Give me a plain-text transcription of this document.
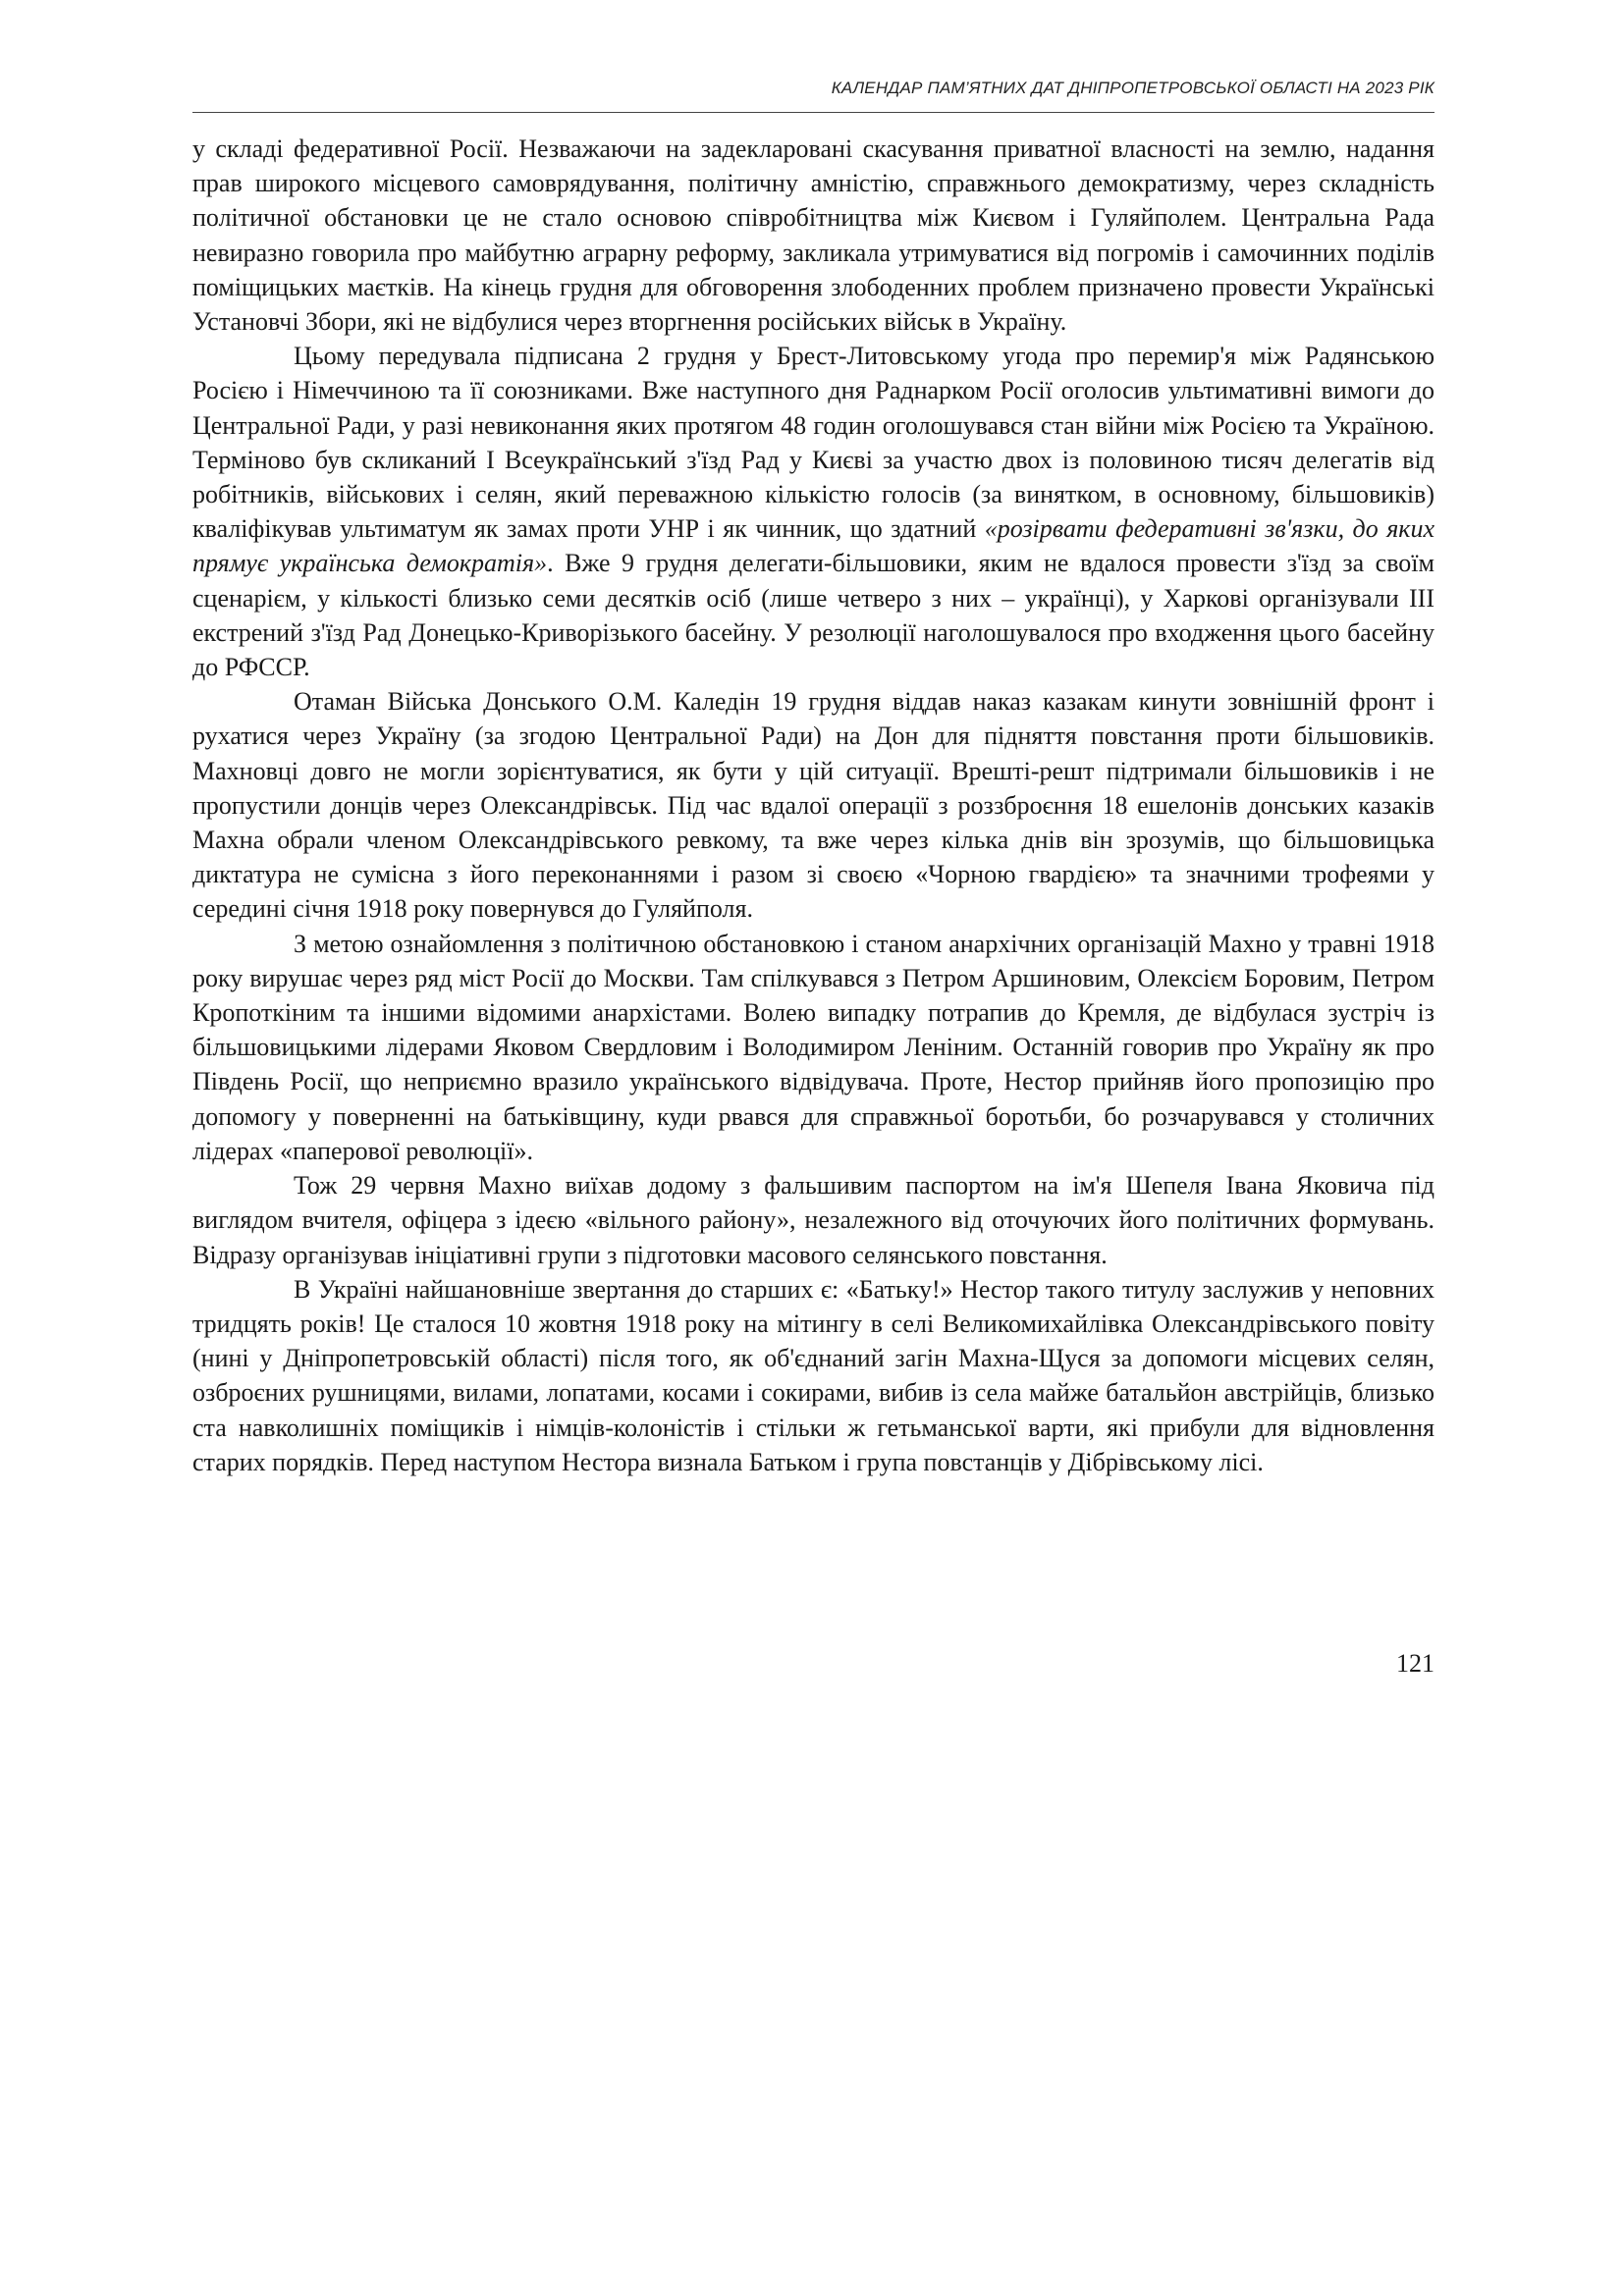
КАЛЕНДАР ПАМ’ЯТНИХ ДАТ ДНІПРОПЕТРОВСЬКОЇ ОБЛАСТІ НА 2023 РІК

у складі федеративної Росії. Незважаючи на задекларовані скасування приватної власності на землю, надання прав широкого місцевого самоврядування, політичну амністію, справжнього демократизму, через складність політичної обстановки це не стало основою співробітництва між Києвом і Гуляйполем. Центральна Рада невиразно говорила про майбутню аграрну реформу, закликала утримуватися від погромів і самочинних поділів поміщицьких маєтків. На кінець грудня для обговорення злободенних проблем призначено провести Українські Установчі Збори, які не відбулися через вторгнення російських військ в Україну.

Цьому передувала підписана 2 грудня у Брест-Литовському угода про перемир'я між Радянською Росією і Німеччиною та її союзниками. Вже наступного дня Раднарком Росії оголосив ультимативні вимоги до Центральної Ради, у разі невиконання яких протягом 48 годин оголошувався стан війни між Росією та Україною. Терміново був скликаний І Всеукраїнський з'їзд Рад у Києві за участю двох із половиною тисяч делегатів від робітників, військових і селян, який переважною кількістю голосів (за винятком, в основному, більшовиків) кваліфікував ультиматум як замах проти УНР і як чинник, що здатний «розірвати федеративні зв'язки, до яких прямує українська демократія». Вже 9 грудня делегати-більшовики, яким не вдалося провести з'їзд за своїм сценарієм, у кількості близько семи десятків осіб (лише четверо з них – українці), у Харкові організували ІІІ екстрений з'їзд Рад Донецько-Криворізького басейну. У резолюції наголошувалося про входження цього басейну до РФССР.

Отаман Війська Донського О.М. Каледін 19 грудня віддав наказ казакам кинути зовнішній фронт і рухатися через Україну (за згодою Центральної Ради) на Дон для підняття повстання проти більшовиків. Махновці довго не могли зорієнтуватися, як бути у цій ситуації. Врешті-решт підтримали більшовиків і не пропустили донців через Олександрівськ. Під час вдалої операції з роззброєння 18 ешелонів донських казаків Махна обрали членом Олександрівського ревкому, та вже через кілька днів він зрозумів, що більшовицька диктатура не сумісна з його переконаннями і разом зі своєю «Чорною гвардією» та значними трофеями у середині січня 1918 року повернувся до Гуляйполя.

З метою ознайомлення з політичною обстановкою і станом анархічних організацій Махно у травні 1918 року вирушає через ряд міст Росії до Москви. Там спілкувався з Петром Аршиновим, Олексієм Боровим, Петром Кропоткіним та іншими відомими анархістами. Волею випадку потрапив до Кремля, де відбулася зустріч із більшовицькими лідерами Яковом Свердловим і Володимиром Леніним. Останній говорив про Україну як про Південь Росії, що неприємно вразило українського відвідувача. Проте, Нестор прийняв його пропозицію про допомогу у поверненні на батьківщину, куди рвався для справжньої боротьби, бо розчарувався у столичних лідерах «паперової революції».

Тож 29 червня Махно виїхав додому з фальшивим паспортом на ім'я Шепеля Івана Яковича під виглядом вчителя, офіцера з ідеєю «вільного району», незалежного від оточуючих його політичних формувань. Відразу організував ініціативні групи з підготовки масового селянського повстання.

В Україні найшановніше звертання до старших є: «Батьку!» Нестор такого титулу заслужив у неповних тридцять років! Це сталося 10 жовтня 1918 року на мітингу в селі Великомихайлівка Олександрівського повіту (нині у Дніпропетровській області) після того, як об'єднаний загін Махна-Щуся за допомоги місцевих селян, озброєних рушницями, вилами, лопатами, косами і сокирами, вибив із села майже батальйон австрійців, близько ста навколишніх поміщиків і німців-колоністів і стільки ж гетьманської варти, які прибули для відновлення старих порядків. Перед наступом Нестора визнала Батьком і група повстанців у Дібрівському лісі.

121
